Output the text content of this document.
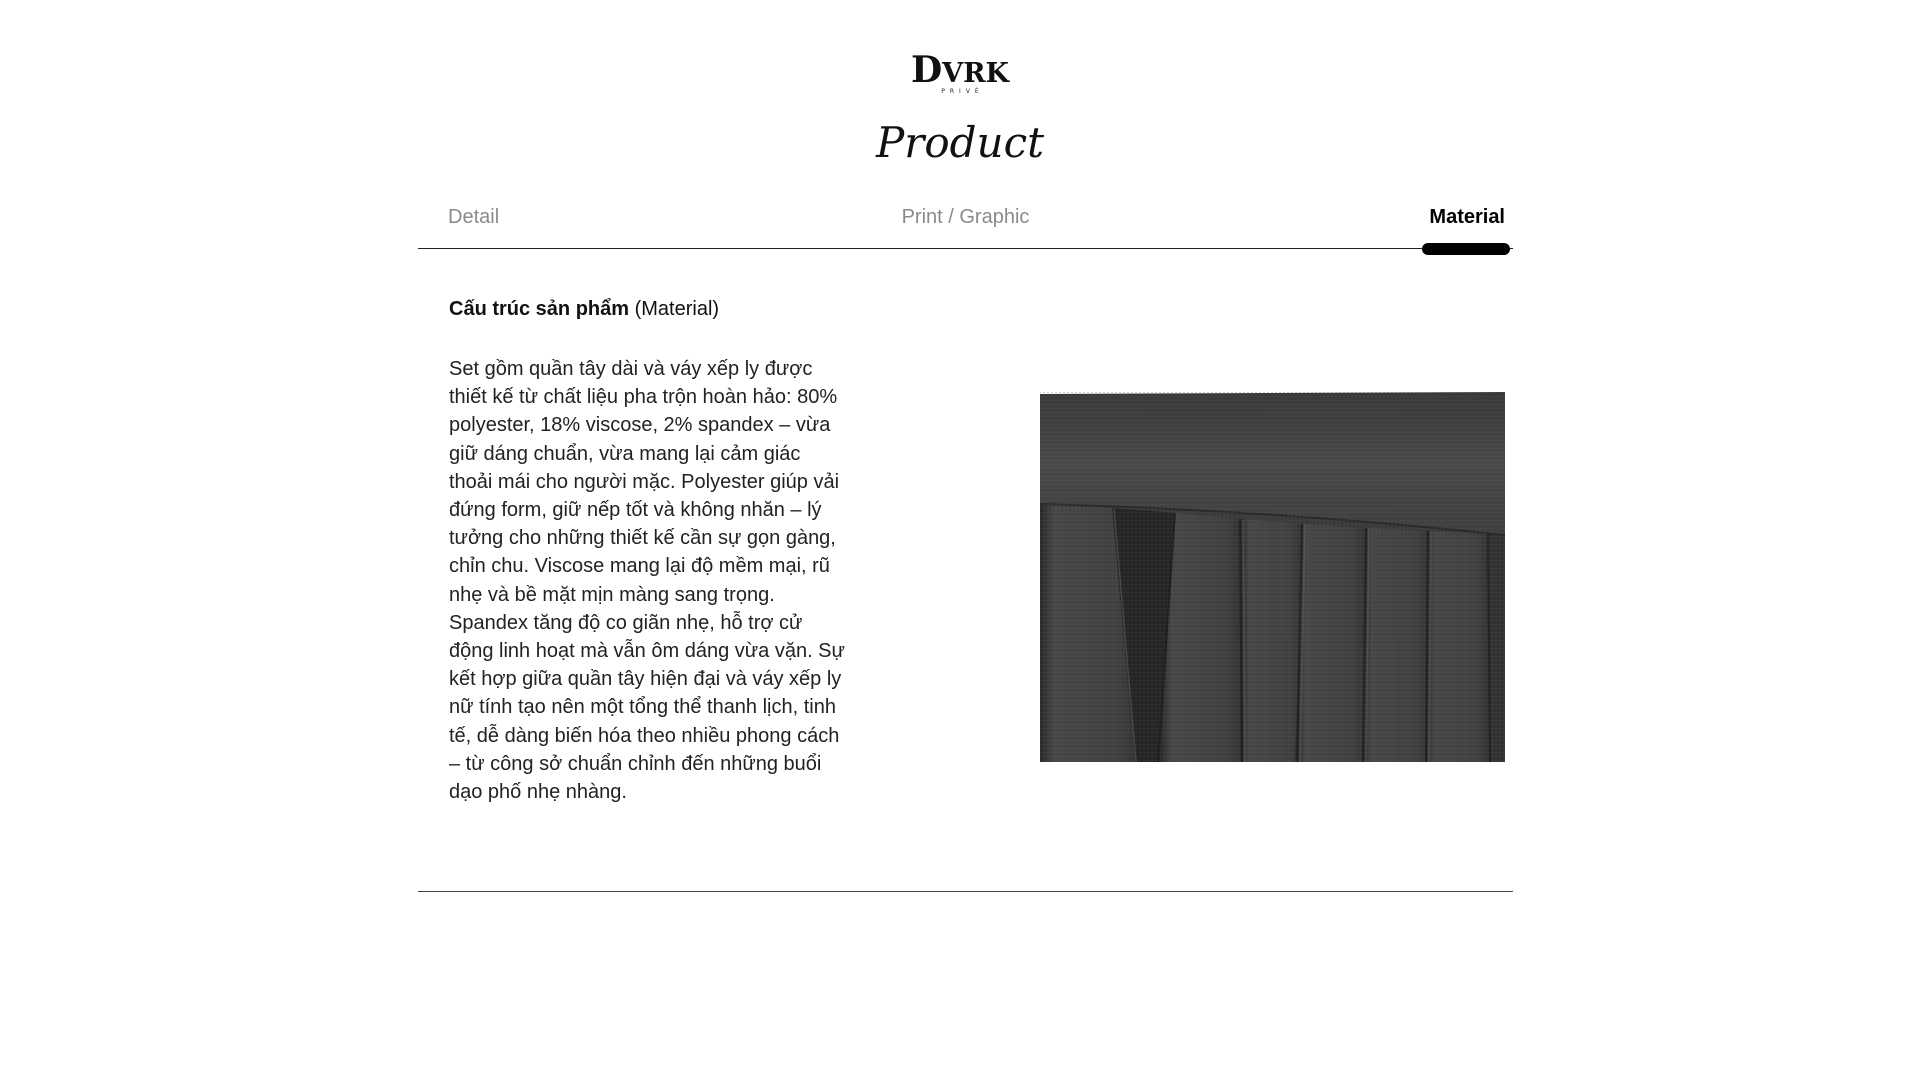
DVRK
PRIVÉ
Product
Detail	Print / Graphic	Material
Cấu trúc sản phẩm (Material)
Set gồm quần tây dài và váy xếp ly được
thiết kế từ chất liệu pha trộn hoàn hảo: 80%
polyester, 18% viscose, 2% spandex – vừa
giữ dáng chuẩn, vừa mang lại cảm giác
thoải mái cho người mặc. Polyester giúp vải
đứng form, giữ nếp tốt và không nhăn – lý
tưởng cho những thiết kế cần sự gọn gàng,
chỉn chu. Viscose mang lại độ mềm mại, rũ
nhẹ và bề mặt mịn màng sang trọng.
Spandex tăng độ co giãn nhẹ, hỗ trợ cử
động linh hoạt mà vẫn ôm dáng vừa vặn. Sự
kết hợp giữa quần tây hiện đại và váy xếp ly
nữ tính tạo nên một tổng thể thanh lịch, tinh
tế, dễ dàng biến hóa theo nhiều phong cách
– từ công sở chuẩn chỉnh đến những buổi
dạo phố nhẹ nhàng.
